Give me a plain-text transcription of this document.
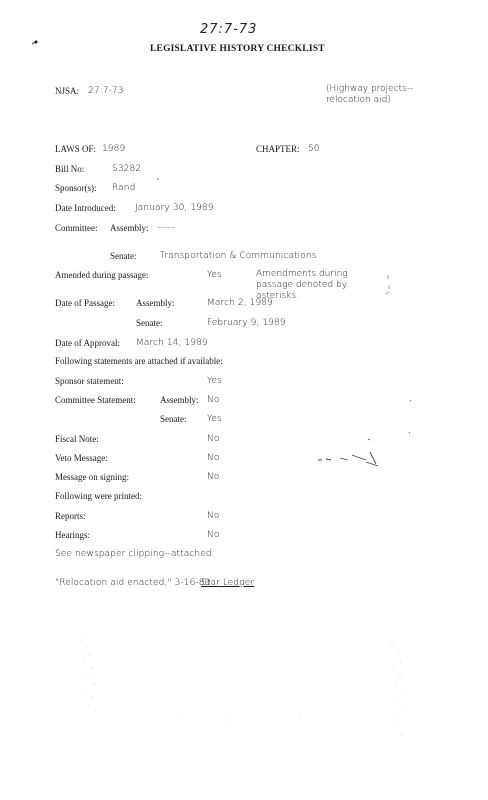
27:7-73
LEGISLATIVE HISTORY CHECKLIST
NJSA: 27:7-73	(Highway projects--relocation aid)
LAWS OF: 1989	CHAPTER: 50
Bill No:	S3282
Sponsor(s): Rand
Date Introduced: January 30, 1989
Committee: Assembly: -----
Senate:	Transportation & Communications
Amended during passage:	Yes	Amendments during passage denoted by asterisks.
Date of Passage: Assembly:	March 2, 1989
Senate:	February 9, 1989
Date of Approval: March 14, 1989
Following statements are attached if available:
Sponsor statement:	Yes
Committee Statement:	Assembly: No
Senate: Yes
Fiscal Note:	No
Veto Message:	No
Message on signing:	No
Following were printed:
Reports:	No
Hearings:	No
See newspaper clipping--attached:
"Relocation aid enacted," 3-16-89
Star Ledger
